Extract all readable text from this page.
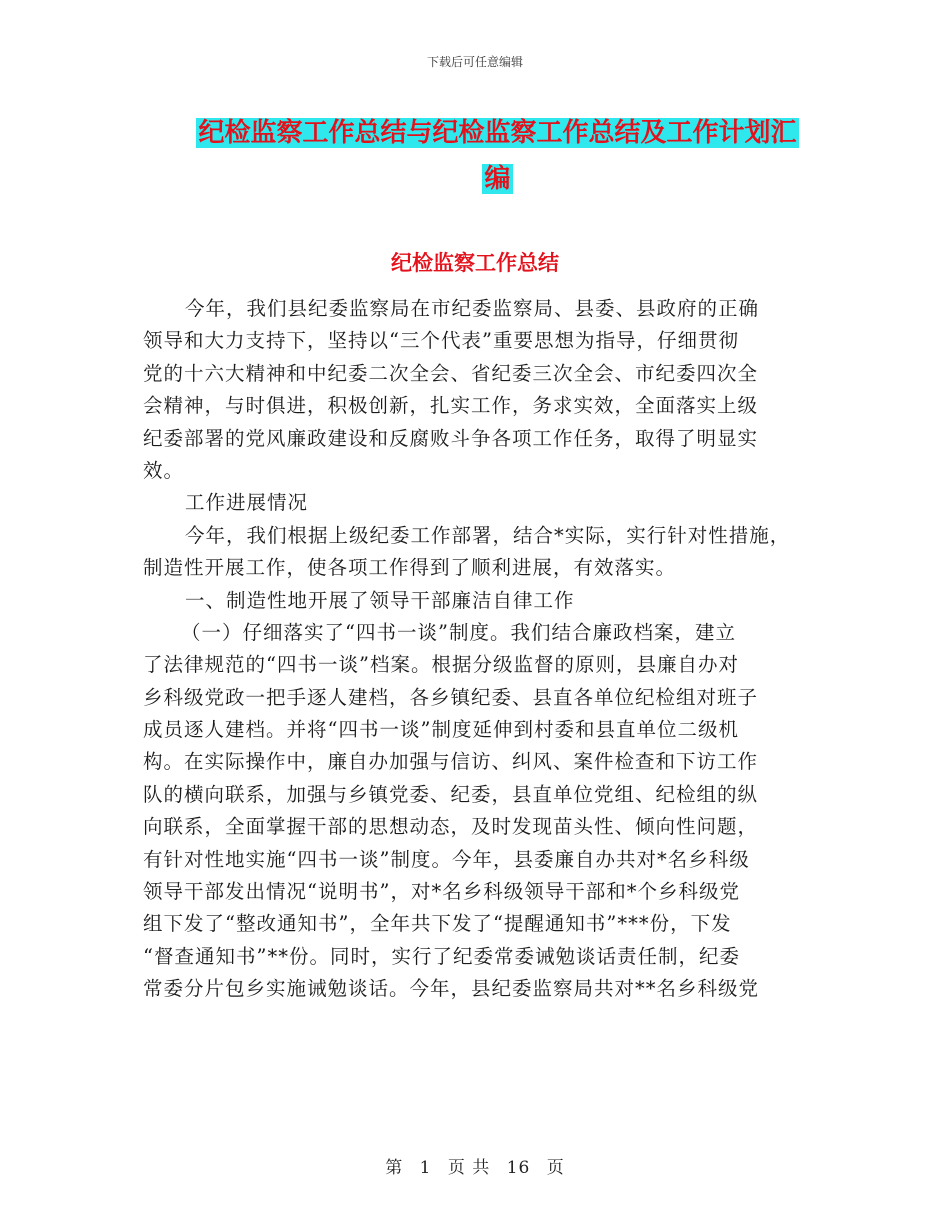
下载后可任意编辑
纪检监察工作总结与纪检监察工作总结及工作计划汇
编
纪检监察工作总结
今年，我们县纪委监察局在市纪委监察局、县委、县政府的正确
领导和大力支持下，坚持以“三个代表”重要思想为指导，仔细贯彻
党的十六大精神和中纪委二次全会、省纪委三次全会、市纪委四次全
会精神，与时俱进，积极创新，扎实工作，务求实效，全面落实上级
纪委部署的党风廉政建设和反腐败斗争各项工作任务，取得了明显实
效。
工作进展情况
今年，我们根据上级纪委工作部署，结合*实际，实行针对性措施，
制造性开展工作，使各项工作得到了顺利进展，有效落实。
一、制造性地开展了领导干部廉洁自律工作
（一）仔细落实了“四书一谈”制度。我们结合廉政档案，建立
了法律规范的“四书一谈”档案。根据分级监督的原则，县廉自办对
乡科级党政一把手逐人建档，各乡镇纪委、县直各单位纪检组对班子
成员逐人建档。并将“四书一谈”制度延伸到村委和县直单位二级机
构。在实际操作中，廉自办加强与信访、纠风、案件检查和下访工作
队的横向联系，加强与乡镇党委、纪委，县直单位党组、纪检组的纵
向联系，全面掌握干部的思想动态，及时发现苗头性、倾向性问题，
有针对性地实施“四书一谈”制度。今年，县委廉自办共对*名乡科级
领导干部发出情况“说明书”，对*名乡科级领导干部和*个乡科级党
组下发了“整改通知书”，全年共下发了“提醒通知书”***份，下发
“督查通知书”**份。同时，实行了纪委常委诫勉谈话责任制，纪委
常委分片包乡实施诫勉谈话。今年，县纪委监察局共对**名乡科级党
第 1 页 共 16 页
